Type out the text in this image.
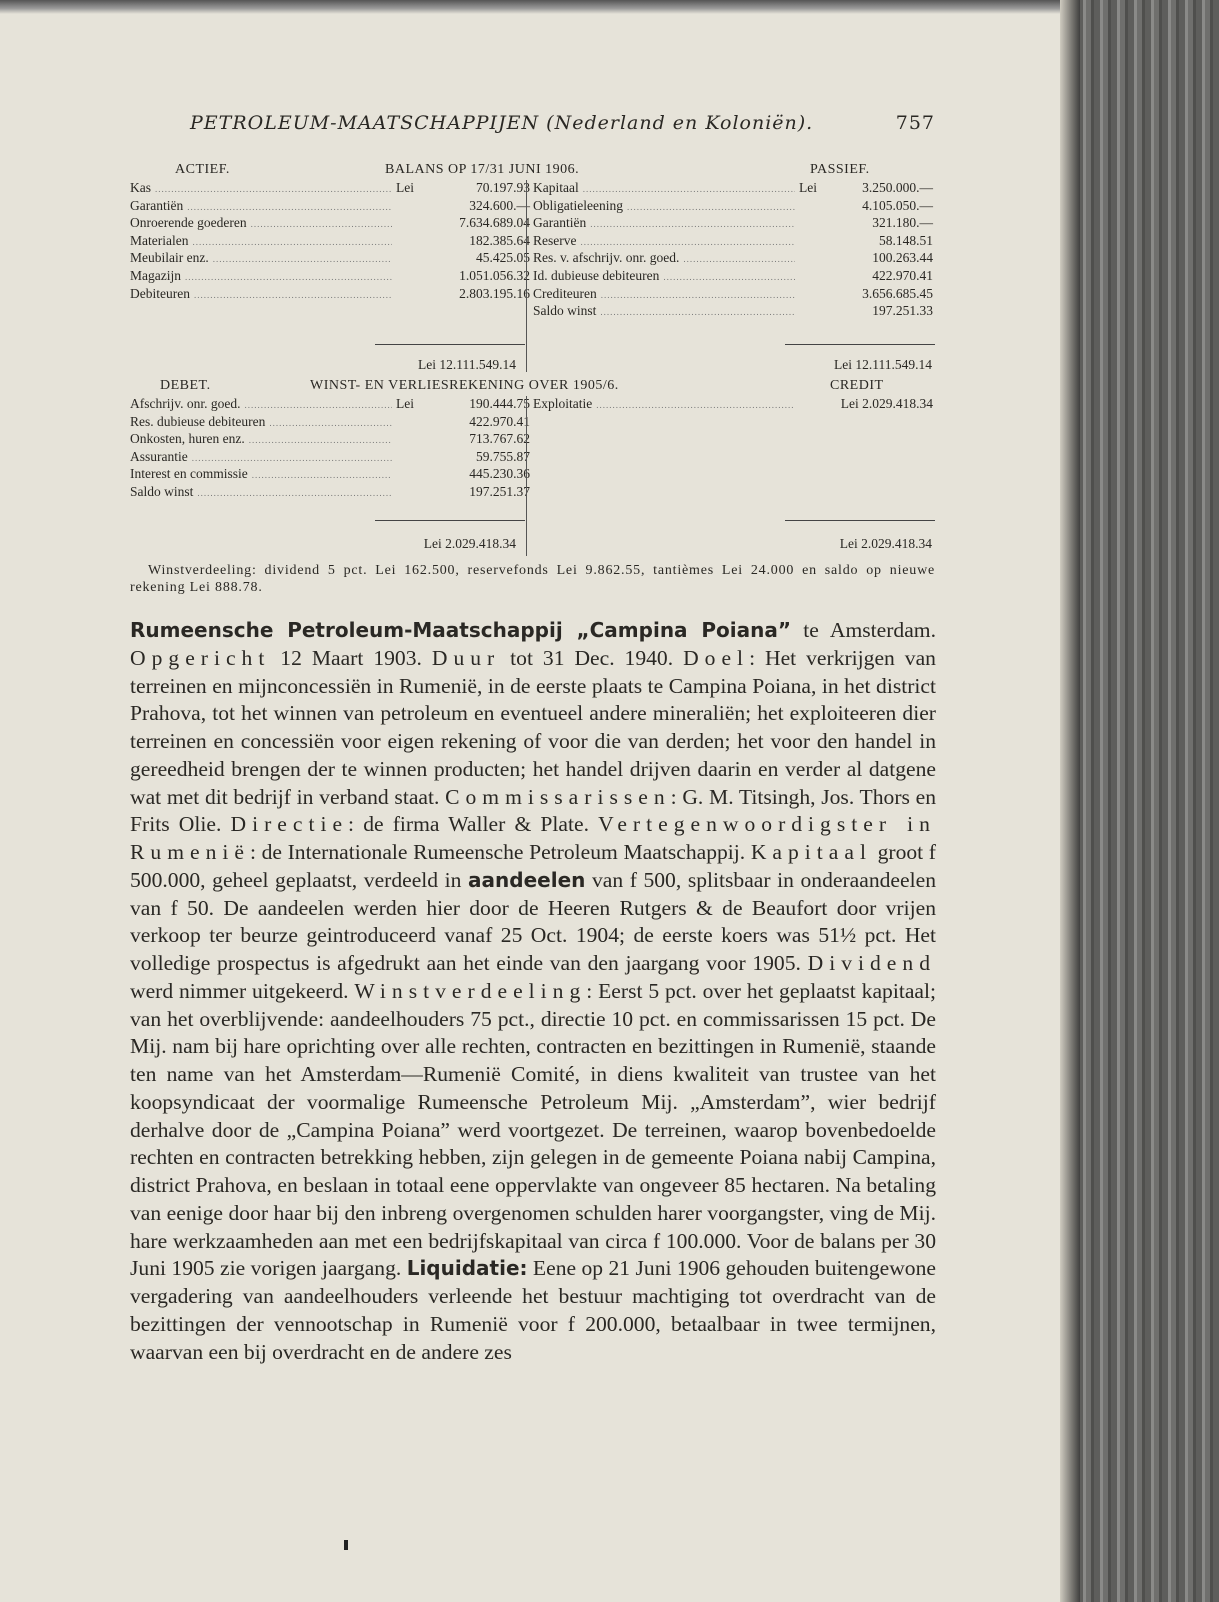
PETROLEUM-MAATSCHAPPIJEN (Nederland en Koloniën).	757
ACTIEF.	BALANS OP 17/31 JUNI 1906.	PASSIEF.
Kas .....	Lei	70.197.93
Garantiën .....	324.600.—
Onroerende goederen .....	7.634.689.04
Materialen .....	182.385.64
Meubilair enz. .....	45.425.05
Magazijn .....	1.051.056.32
Debiteuren .....	2.803.195.16
Kapitaal .....	Lei	3.250.000.—
Obligatieleening .....	4.105.050.—
Garantiën .....	321.180.—
Reserve .....	58.148.51
Res. v. afschrijv. onr. goed. .....	100.263.44
Id. dubieuse debiteuren .....	422.970.41
Crediteuren .....	3.656.685.45
Saldo winst .....	197.251.33
Lei 12.111.549.14	Lei 12.111.549.14
DEBET.	WINST- EN VERLIESREKENING OVER 1905/6.	CREDIT
Afschrijv. onr. goed. .....	Lei	190.444.75
Res. dubieuse debiteuren .....	422.970.41
Onkosten, huren enz. .....	713.767.62
Assurantie .....	59.755.87
Interest en commissie .....	445.230.36
Saldo winst .....	197.251.37
Exploitatie .....	Lei 2.029.418.34
Lei 2.029.418.34	Lei 2.029.418.34
Winstverdeeling: dividend 5 pct. Lei 162.500, reservefonds Lei 9.862.55, tantièmes Lei 24.000 en saldo op nieuwe rekening Lei 888.78.
Rumeensche Petroleum-Maatschappij „Campina Poiana” te Amsterdam. Opgericht 12 Maart 1903. Duur tot 31 Dec. 1940. Doel: Het verkrijgen van terreinen en mijnconcessiën in Rumenië, in de eerste plaats te Campina Poiana, in het district Prahova, tot het winnen van petroleum en eventueel andere mineraliën; het exploiteeren dier terreinen en concessiën voor eigen rekening of voor die van derden; het voor den handel in gereedheid brengen der te winnen producten; het handel drijven daarin en verder al datgene wat met dit bedrijf in verband staat. Commissarissen: G. M. Titsingh, Jos. Thors en Frits Olie. Directie: de firma Waller & Plate. Vertegenwoordigster in Rumenië: de Internationale Rumeensche Petroleum Maatschappij. Kapitaal groot f 500.000, geheel geplaatst, verdeeld in aandeelen van f 500, splitsbaar in onderaandeelen van f 50. De aandeelen werden hier door de Heeren Rutgers & de Beaufort door vrijen verkoop ter beurze geintroduceerd vanaf 25 Oct. 1904; de eerste koers was 51½ pct. Het volledige prospectus is afgedrukt aan het einde van den jaargang voor 1905. Dividend werd nimmer uitgekeerd. Winstverdeeling: Eerst 5 pct. over het geplaatst kapitaal; van het overblijvende: aandeelhouders 75 pct., directie 10 pct. en commissarissen 15 pct. De Mij. nam bij hare oprichting over alle rechten, contracten en bezittingen in Rumenië, staande ten name van het Amsterdam—Rumenië Comité, in diens kwaliteit van trustee van het koopsyndicaat der voormalige Rumeensche Petroleum Mij. „Amsterdam”, wier bedrijf derhalve door de „Campina Poiana” werd voortgezet. De terreinen, waarop bovenbedoelde rechten en contracten betrekking hebben, zijn gelegen in de gemeente Poiana nabij Campina, district Prahova, en beslaan in totaal eene oppervlakte van ongeveer 85 hectaren. Na betaling van eenige door haar bij den inbreng overgenomen schulden harer voorgangster, ving de Mij. hare werkzaamheden aan met een bedrijfskapitaal van circa f 100.000. Voor de balans per 30 Juni 1905 zie vorigen jaargang. Liquidatie: Eene op 21 Juni 1906 gehouden buitengewone vergadering van aandeelhouders verleende het bestuur machtiging tot overdracht van de bezittingen der vennootschap in Rumenië voor f 200.000, betaalbaar in twee termijnen, waarvan een bij overdracht en de andere zes
